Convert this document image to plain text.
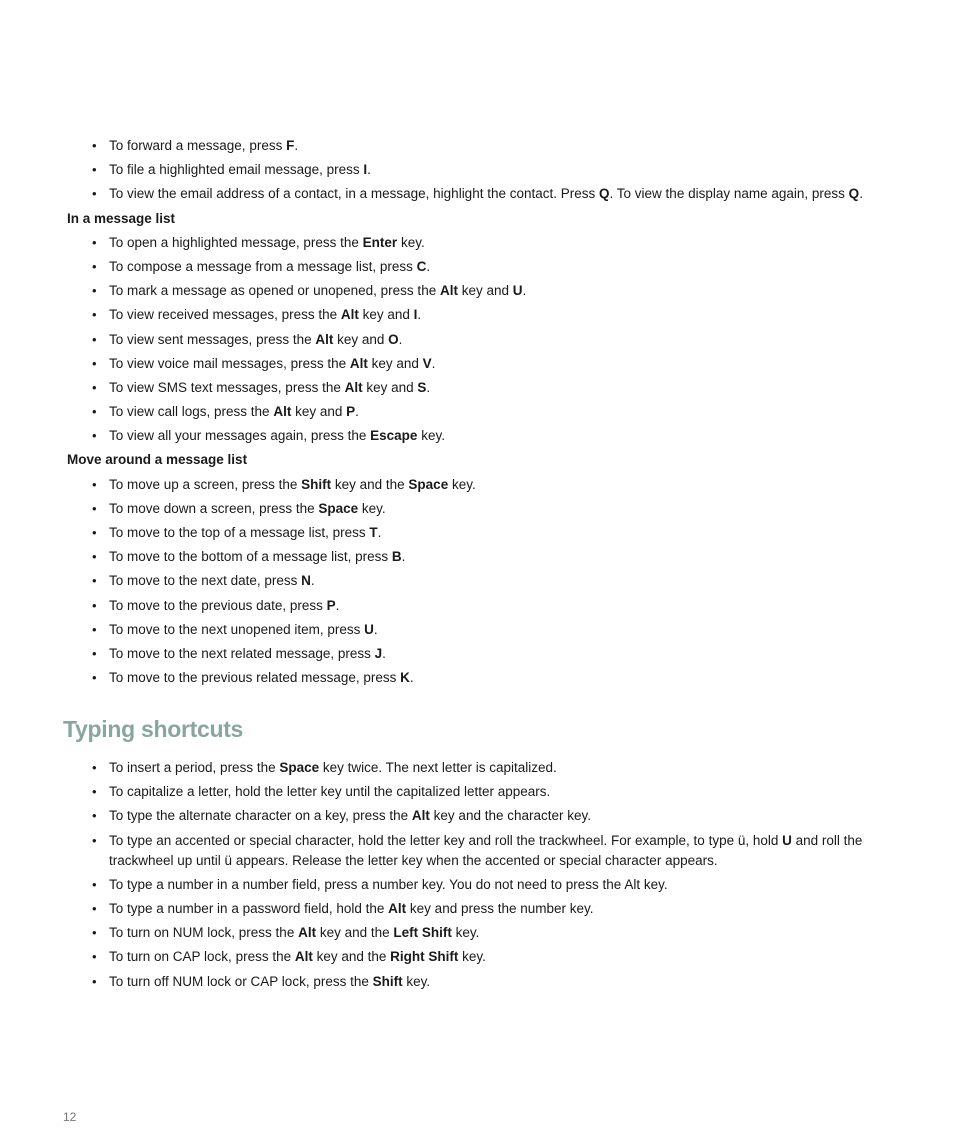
• To forward a message, press F.
• To file a highlighted email message, press I.
• To view the email address of a contact, in a message, highlight the contact. Press Q. To view the display name again, press Q.
In a message list
• To open a highlighted message, press the Enter key.
• To compose a message from a message list, press C.
• To mark a message as opened or unopened, press the Alt key and U.
• To view received messages, press the Alt key and I.
• To view sent messages, press the Alt key and O.
• To view voice mail messages, press the Alt key and V.
• To view SMS text messages, press the Alt key and S.
• To view call logs, press the Alt key and P.
• To view all your messages again, press the Escape key.
Move around a message list
• To move up a screen, press the Shift key and the Space key.
• To move down a screen, press the Space key.
• To move to the top of a message list, press T.
• To move to the bottom of a message list, press B.
• To move to the next date, press N.
• To move to the previous date, press P.
• To move to the next unopened item, press U.
• To move to the next related message, press J.
• To move to the previous related message, press K.
Typing shortcuts
• To insert a period, press the Space key twice. The next letter is capitalized.
• To capitalize a letter, hold the letter key until the capitalized letter appears.
• To type the alternate character on a key, press the Alt key and the character key.
• To type an accented or special character, hold the letter key and roll the trackwheel. For example, to type ü, hold U and roll the trackwheel up until ü appears. Release the letter key when the accented or special character appears.
• To type a number in a number field, press a number key. You do not need to press the Alt key.
• To type a number in a password field, hold the Alt key and press the number key.
• To turn on NUM lock, press the Alt key and the Left Shift key.
• To turn on CAP lock, press the Alt key and the Right Shift key.
• To turn off NUM lock or CAP lock, press the Shift key.
12
